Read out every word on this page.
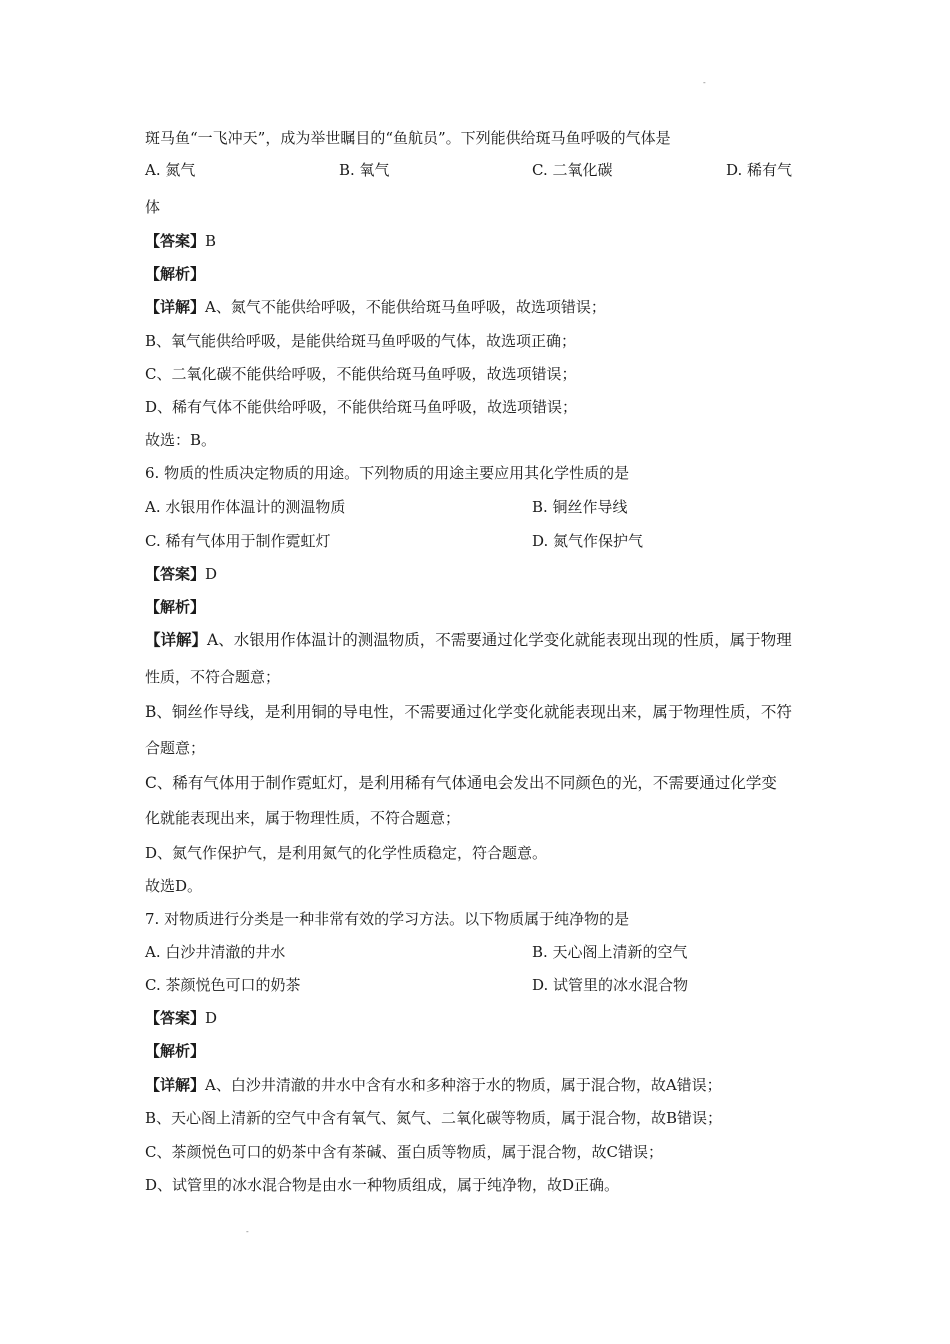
-

斑马鱼“一飞冲天”，成为举世瞩目的“鱼航员”。下列能供给斑马鱼呼吸的气体是

A. 氮气	B. 氧气	C. 二氧化碳	D. 稀有气

体

【答案】B

【解析】

【详解】A、氮气不能供给呼吸，不能供给斑马鱼呼吸，故选项错误；

B、氧气能供给呼吸，是能供给斑马鱼呼吸的气体，故选项正确；

C、二氧化碳不能供给呼吸，不能供给斑马鱼呼吸，故选项错误；

D、稀有气体不能供给呼吸，不能供给斑马鱼呼吸，故选项错误；

故选：B。

6. 物质的性质决定物质的用途。下列物质的用途主要应用其化学性质的是

A. 水银用作体温计的测温物质	B. 铜丝作导线

C. 稀有气体用于制作霓虹灯	D. 氮气作保护气

【答案】D

【解析】

【详解】A、水银用作体温计的测温物质，不需要通过化学变化就能表现出现的性质，属于物理

性质，不符合题意；

B、铜丝作导线，是利用铜的导电性，不需要通过化学变化就能表现出来，属于物理性质，不符

合题意；

C、稀有气体用于制作霓虹灯，是利用稀有气体通电会发出不同颜色的光，不需要通过化学变

化就能表现出来，属于物理性质，不符合题意；

D、氮气作保护气，是利用氮气的化学性质稳定，符合题意。

故选D。

7. 对物质进行分类是一种非常有效的学习方法。以下物质属于纯净物的是

A. 白沙井清澈的井水	B. 天心阁上清新的空气

C. 茶颜悦色可口的奶茶	D. 试管里的冰水混合物

【答案】D

【解析】

【详解】A、白沙井清澈的井水中含有水和多种溶于水的物质，属于混合物，故A错误；

B、天心阁上清新的空气中含有氧气、氮气、二氧化碳等物质，属于混合物，故B错误；

C、茶颜悦色可口的奶茶中含有茶碱、蛋白质等物质，属于混合物，故C错误；

D、试管里的冰水混合物是由水一种物质组成，属于纯净物，故D正确。

-
